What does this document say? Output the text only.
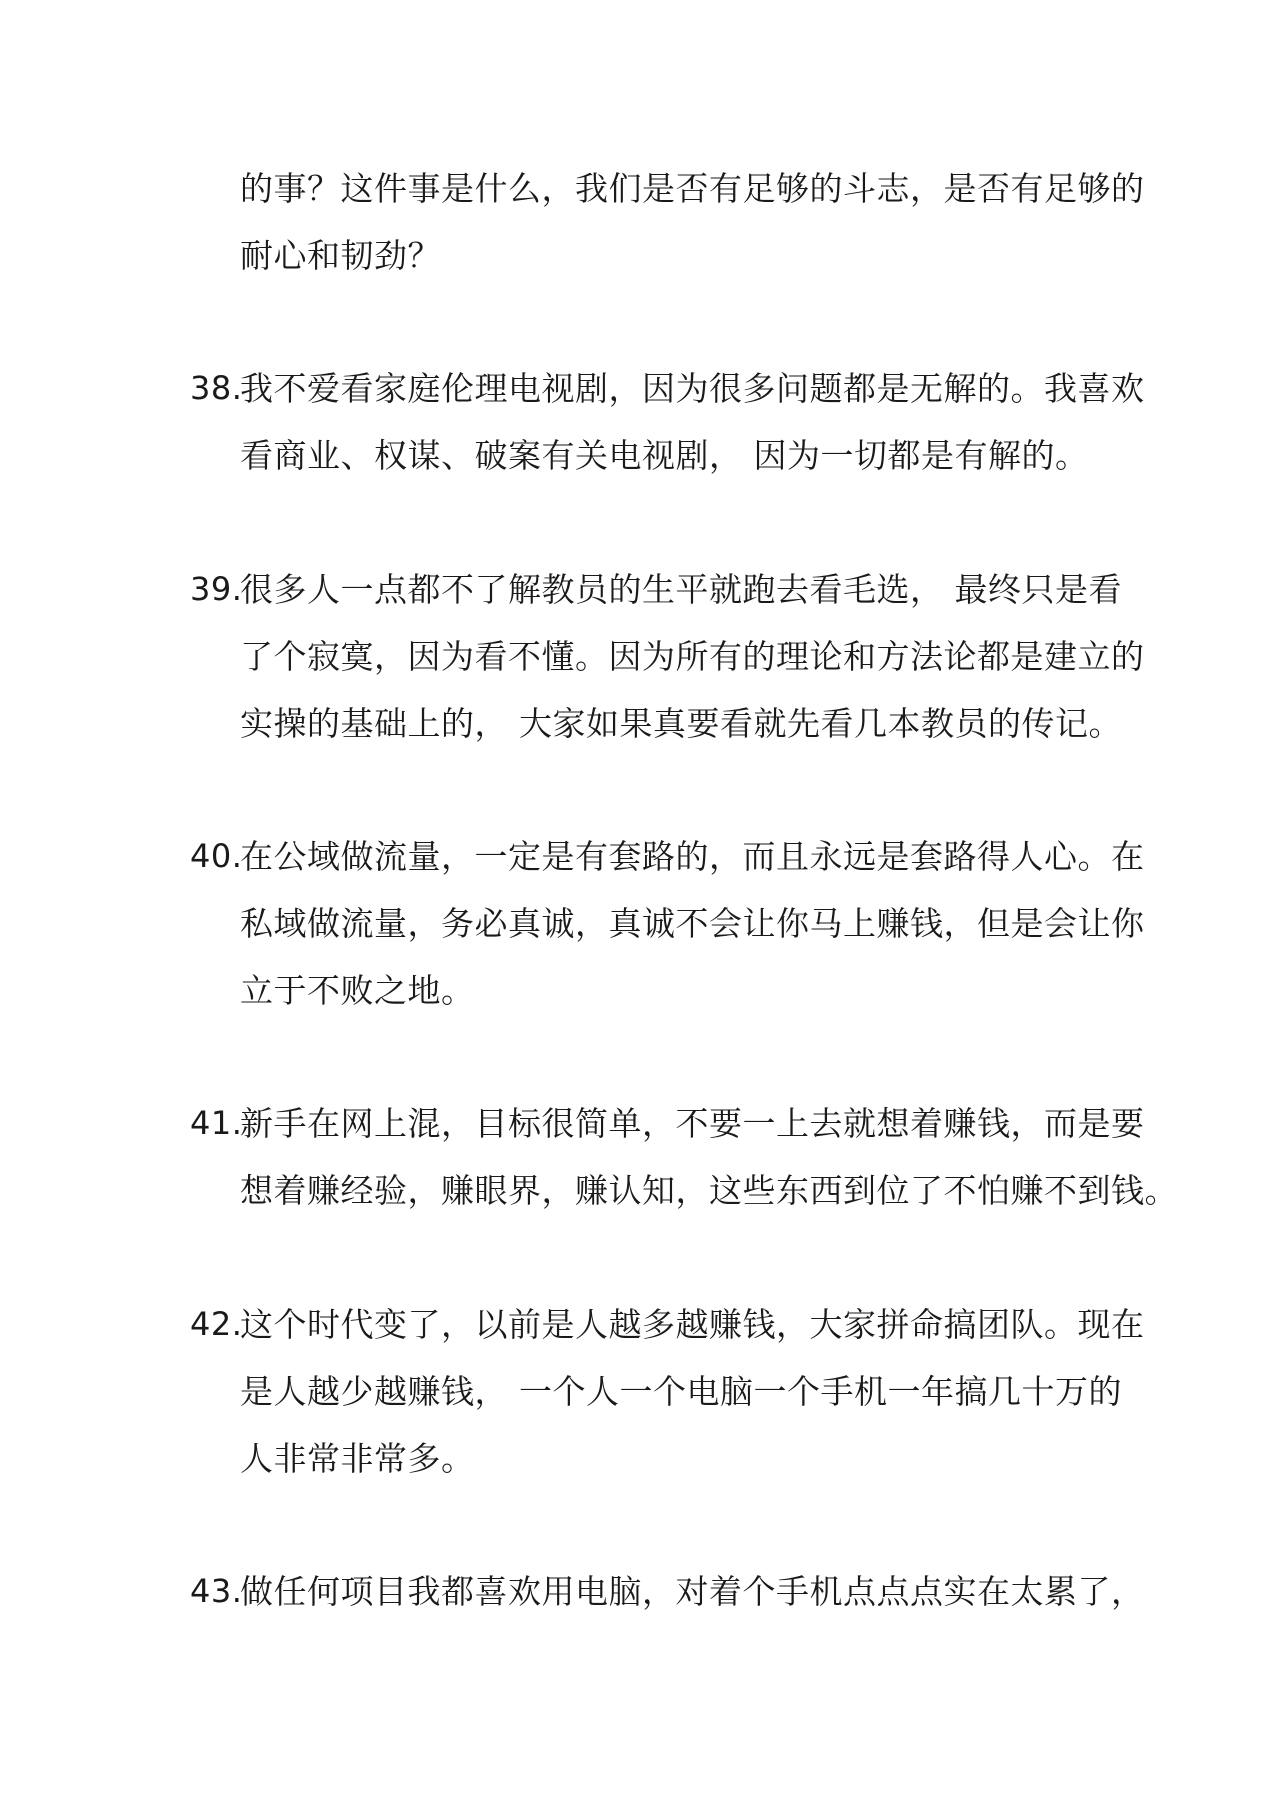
的事？这件事是什么，我们是否有足够的斗志，是否有足够的
耐心和韧劲？
38.
我不爱看家庭伦理电视剧，因为很多问题都是无解的。我喜欢
看商业、权谋、破案有关电视剧， 因为一切都是有解的。
39.
很多人一点都不了解教员的生平就跑去看毛选， 最终只是看
了个寂寞，因为看不懂。因为所有的理论和方法论都是建立的
实操的基础上的， 大家如果真要看就先看几本教员的传记。
40.
在公域做流量，一定是有套路的，而且永远是套路得人心。在
私域做流量，务必真诚，真诚不会让你马上赚钱，但是会让你
立于不败之地。
41.
新手在网上混，目标很简单，不要一上去就想着赚钱，而是要
想着赚经验，赚眼界，赚认知，这些东西到位了不怕赚不到钱。
42.
这个时代变了，以前是人越多越赚钱，大家拼命搞团队。现在
是人越少越赚钱， 一个人一个电脑一个手机一年搞几十万的
人非常非常多。
43.
做任何项目我都喜欢用电脑，对着个手机点点点实在太累了，
